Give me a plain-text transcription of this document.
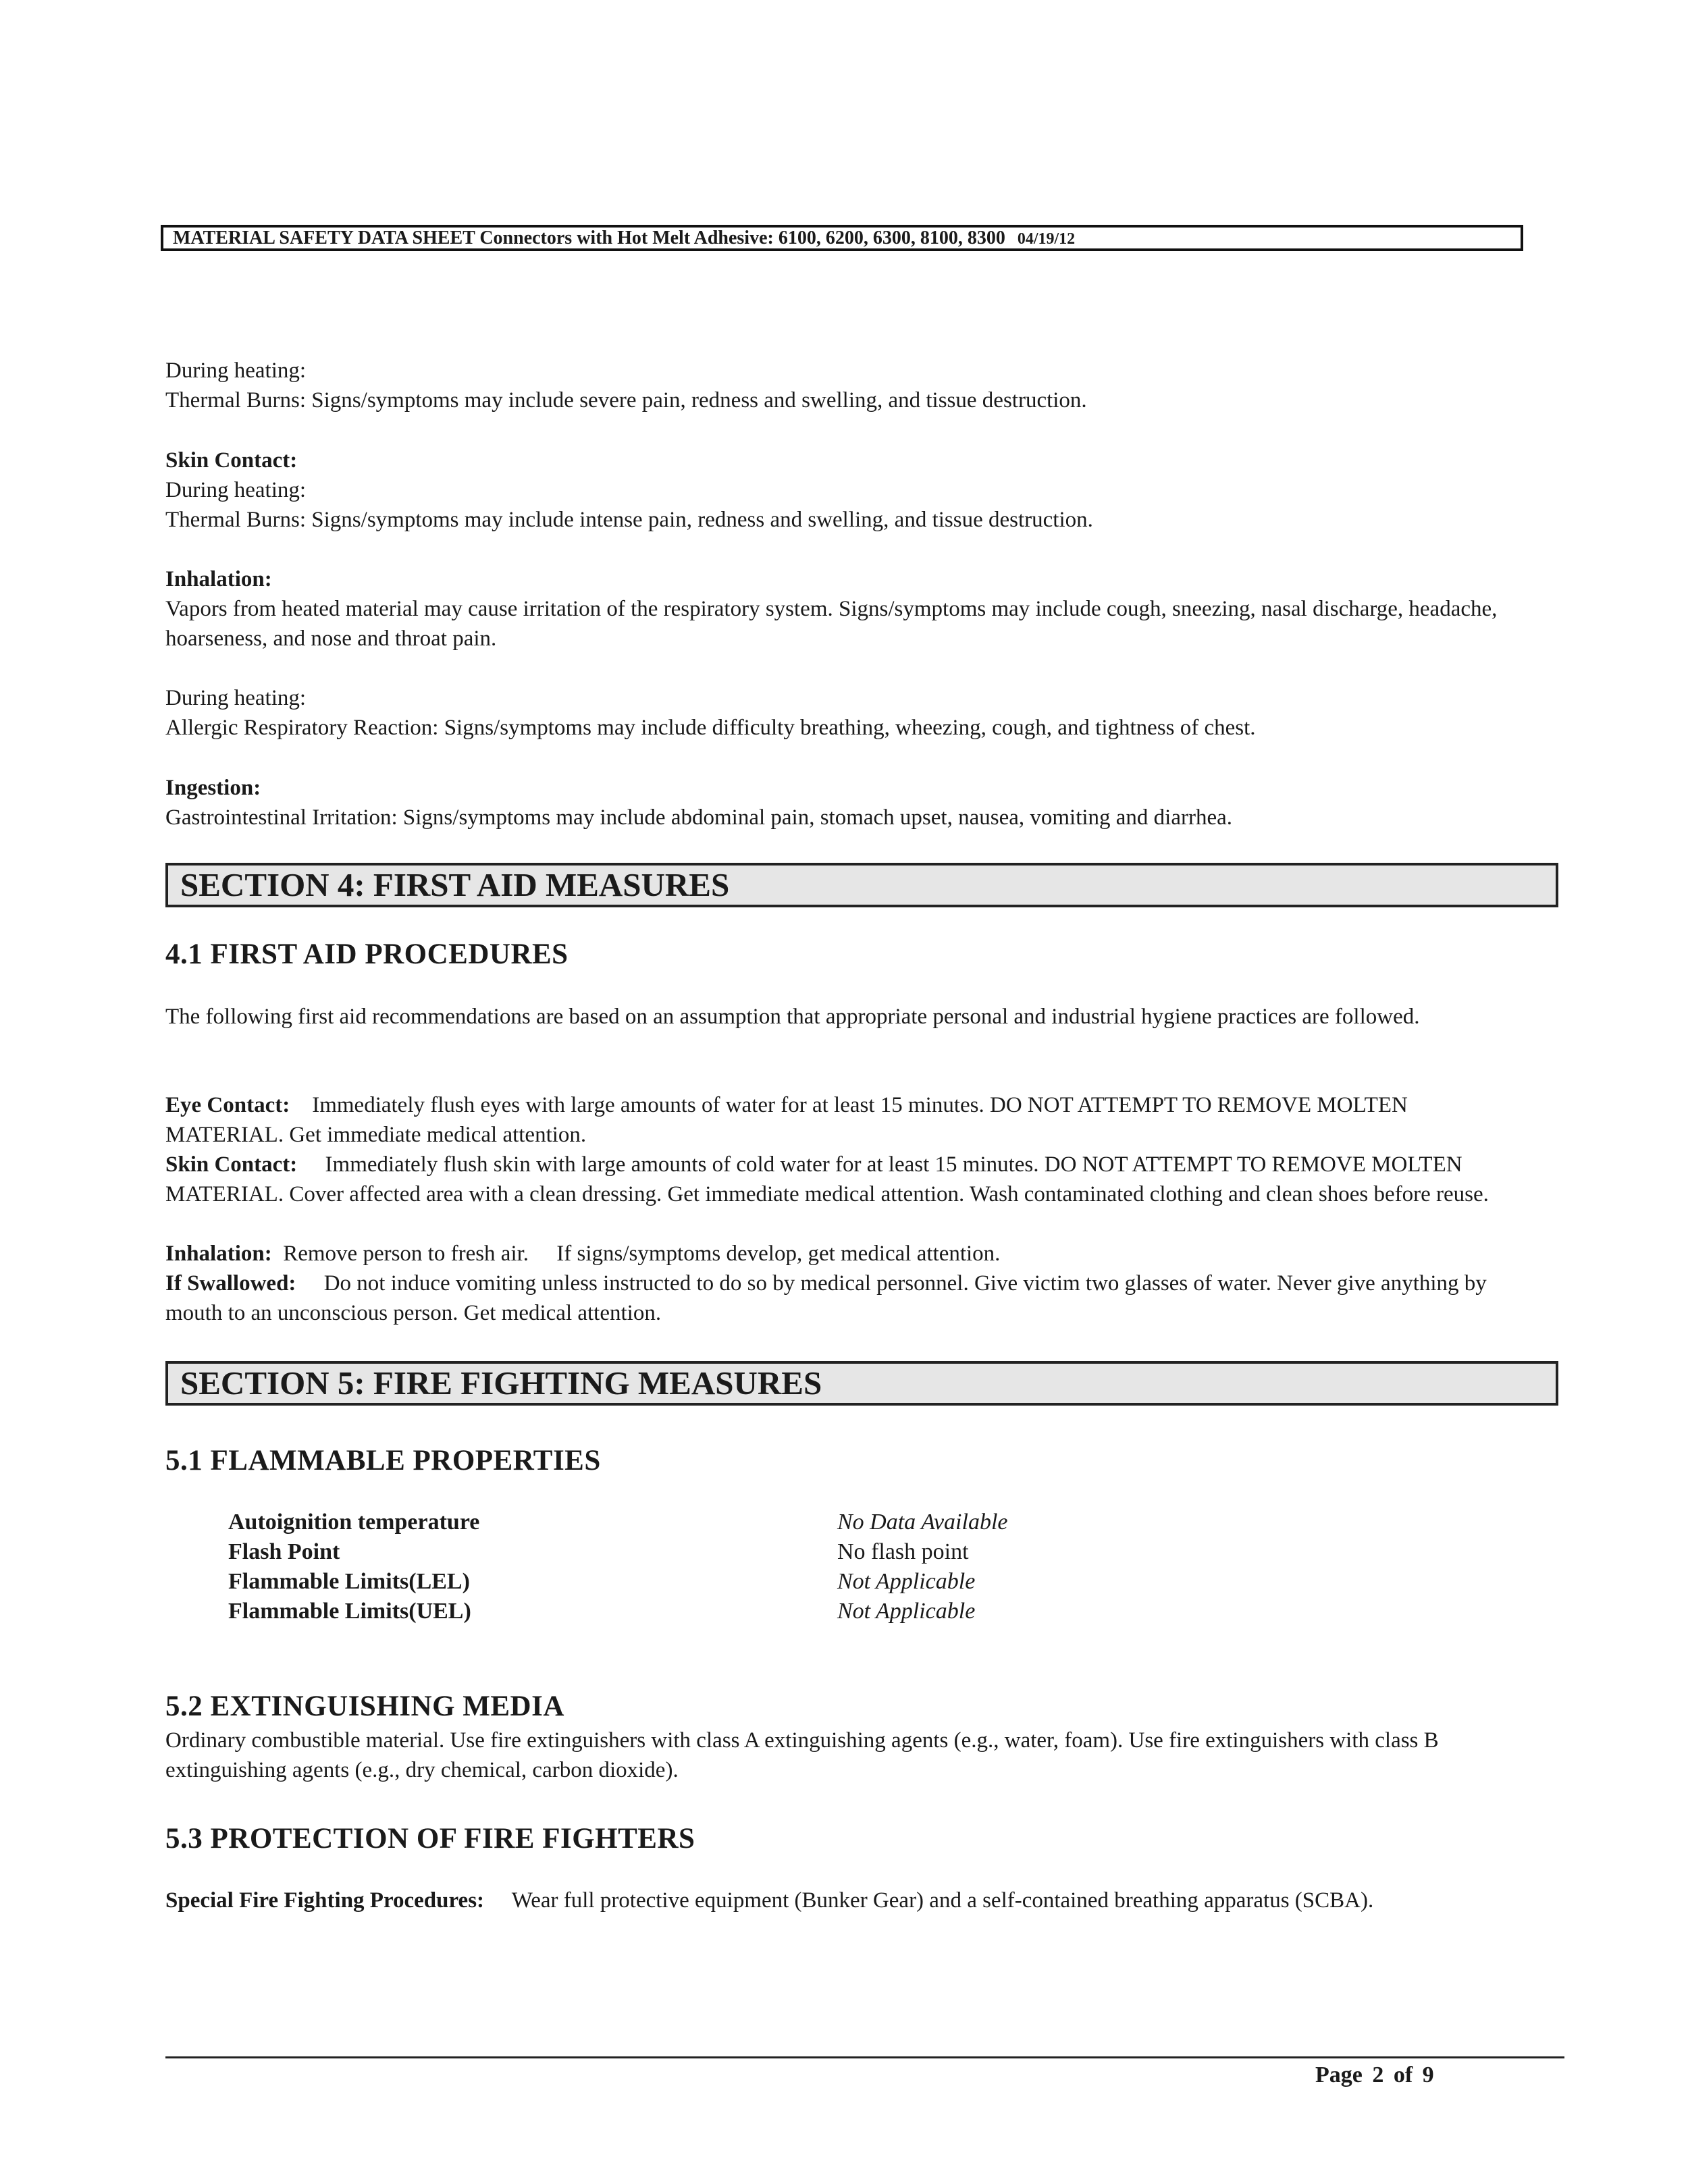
MATERIAL SAFETY DATA SHEET Connectors with Hot Melt Adhesive: 6100, 6200, 6300, 8100, 8300 04/19/12

During heating:

Thermal Burns: Signs/symptoms may include severe pain, redness and swelling, and tissue destruction.

Skin Contact:

During heating:

Thermal Burns: Signs/symptoms may include intense pain, redness and swelling, and tissue destruction.

Inhalation:

Vapors from heated material may cause irritation of the respiratory system. Signs/symptoms may include cough, sneezing, nasal discharge, headache, hoarseness, and nose and throat pain.

During heating:

Allergic Respiratory Reaction: Signs/symptoms may include difficulty breathing, wheezing, cough, and tightness of chest.

Ingestion:

Gastrointestinal Irritation: Signs/symptoms may include abdominal pain, stomach upset, nausea, vomiting and diarrhea.

SECTION 4: FIRST AID MEASURES
4.1 FIRST AID PROCEDURES

The following first aid recommendations are based on an assumption that appropriate personal and industrial hygiene practices are followed.

Eye Contact: Immediately flush eyes with large amounts of water for at least 15 minutes. DO NOT ATTEMPT TO REMOVE MOLTEN MATERIAL. Get immediate medical attention.

Skin Contact: Immediately flush skin with large amounts of cold water for at least 15 minutes. DO NOT ATTEMPT TO REMOVE MOLTEN MATERIAL. Cover affected area with a clean dressing. Get immediate medical attention. Wash contaminated clothing and clean shoes before reuse.

Inhalation: Remove person to fresh air.     If signs/symptoms develop, get medical attention.

If Swallowed: Do not induce vomiting unless instructed to do so by medical personnel. Give victim two glasses of water. Never give anything by mouth to an unconscious person. Get medical attention.

SECTION 5: FIRE FIGHTING MEASURES
5.1 FLAMMABLE PROPERTIES
Autoignition temperature	No Data Available
Flash Point	No flash point
Flammable Limits(LEL)	Not Applicable
Flammable Limits(UEL)	Not Applicable
5.2 EXTINGUISHING MEDIA

Ordinary combustible material. Use fire extinguishers with class A extinguishing agents (e.g., water, foam). Use fire extinguishers with class B extinguishing agents (e.g., dry chemical, carbon dioxide).

5.3 PROTECTION OF FIRE FIGHTERS

Special Fire Fighting Procedures: Wear full protective equipment (Bunker Gear) and a self-contained breathing apparatus (SCBA).

Page 2 of 9
